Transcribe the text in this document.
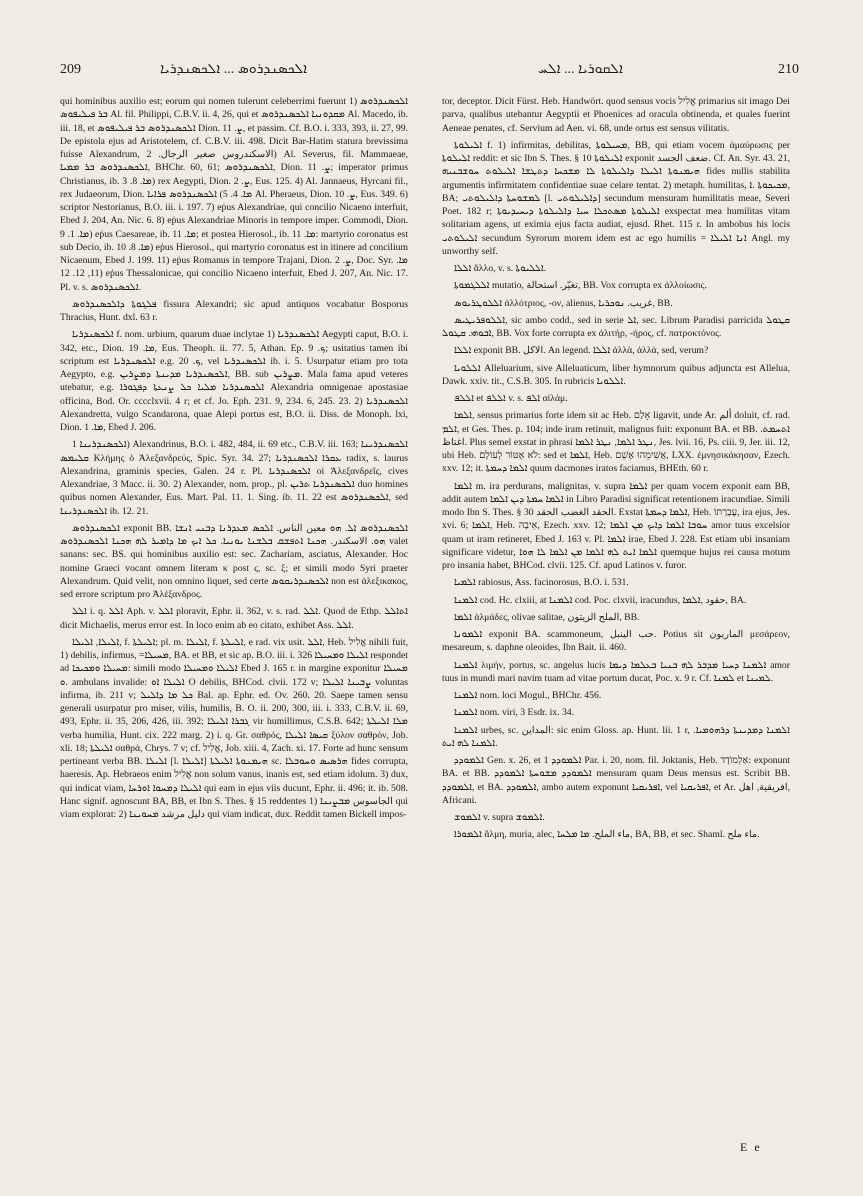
209	ܐܠܟܣܢܕܪܘܣ ... ܐܠܟܣܢܕܪܝܐ	ܐܠܩܘܪܝܐ ... ܐܠܚ	210

qui hominibus auxilio est; eorum qui nomen tulerunt celeberrimi fuerunt 1) ܐܠܟܣܢܕܪܘܣ ܒܪ ܦܝܠܝܦܘܣ Al. fil. Philippi, C.B.V. ii. 4, 26, qui et ܡܩܕܘܢܝܐ ܐܠܟܣܢܕܪܘܣ Al. Macedo, ib. iii. 18, et ܐܠܟܣܢܕܪܘܣ ܒܪ ܦܝܠܝܦܘܣ Dion. ܨ. 11, et passim. Cf. B.O. i. 333, 393, ii. 27, 99. De epistola ejus ad Aristotelem, cf. C.B.V. iii. 498. Dicit Bar-Hatim statura brevissima fuisse Alexandrum, الاسكندروس صغير الرجال. 2) Al. Severus, fil. Mammaeae, ܐܠܟܣܢܕܪܘܣ ܒܪ ܡܡܝܐ, BHChr. 60, 61; ܐܠܟܣܢܕܪܘܣ, Dion. ܨ. 11; imperator primus Christianus, ib. ܡܐ. 8. 3) rex Aegypti, Dion. ܨ. 2, Eus. 125. 4) Al. Jannaeus, Hyrcani fil., rex Judaeorum, Dion. ܡܐ. 4. 5) ܐܠܟܣܢܕܪܘܣ ܦܪܐܝܐ Al. Pheraeus, Dion. ܨ. 10, Eus. 349. 6) scriptor Nestorianus, B.O. iii. i. 197. 7) eṗus Alexandriae, qui concilio Nicaeno interfuit, Ebed J. 204, An. Nic. 6. 8) eṗus Alexandriae Minoris in tempore imper. Commodi, Dion. ܡܐ. 1. 9) eṗus Caesareae, ib. ܡܐ. 11; et postea Hierosol., ib. ܡܐ. 11: martyrio coronatus est sub Decio, ib. ܡܐ. 8. 10) eṗus Hierosol., qui martyrio coronatus est in itinere ad concilium Nicaenum, Ebed J. 199. 11) eṗus Romanus in tempore Trajani, Dion. ܨ. 2, Doc. Syr. ܡܐ. 11, 12. 12) eṗus Thessalonicae, qui concilio Nicaeno interfuit, Ebed J. 207, An. Nic. 17. Pl. v. s. ܐܠܟܣܢܕܪܘܣ.

ܦܠܓܘܬܐ ܕܐܠܟܣܢܕܪܘܣ fissura Alexandri; sic apud antiquos vocabatur Bosporus Thracius, Hunt. dxl. 63 r.

ܐܠܟܣܢܕܪܝܐ f. nom. urbium, quarum duae inclytae 1) ܐܠܟܣܢܕܪܝܐ Aegypti caput, B.O. i. 342, etc., Dion. ܡܐ. 19, Eus. Theoph. ii. 77. 5, Athan. Ep. ܟ. 9; usitatius tamen ibi scriptum est ܐܠܟܣܢܕܪܝܐ e.g. ܟ. 20, vel ܐܠܟܣܢܕܪܝܐ ib. i. 5. Usurpatur etiam pro tota Aegypto, e.g. ܐܠܟܣܢܕܪܝܐ ܡܕܝܢܬܐ ܕܡܨܪܝܢ, BB. sub ܡܨܪܝܢ. Mala fama apud veteres utebatur, e.g. ܐܠܟܣܢܕܪܝܐ ܡܠܝܐ ܟܠ ܨܢܥܬܐ ܕܦܓܘܪܐ Alexandria omnigenae apostasiae officina, Bod. Or. cccclxvii. 4 r; et cf. Jo. Eph. 231. 9, 234. 6, 245. 23. 2) ܐܠܟܣܢܕܪܝܐ Alexandretta, vulgo Scandarona, quae Alepi portus est, B.O. ii. Diss. de Monoph. lxi, Dion. ܡܐ. 1, Ebed J. 206.

ܐܠܟܣܢܕܪܝܢܐ 1) Alexandrinus, B.O. i. 482, 484, ii. 69 etc., C.B.V. iii. 163; ܐܠܟܣܢܕܪܝܢܐ ܩܠܝܡܣ Κλήμης ὁ Ἀλεξανδρεύς, Spic. Syr. 34. 27; ܥܩܪܐ ܐܠܟܣܢܕܪܝܐ radix, s. laurus Alexandrina, graminis species, Galen. 24 r. Pl. ܐܠܟܣܢܕܪܝܐ οἱ Ἀλεξανδρεῖς, cives Alexandriae, 3 Macc. ii. 30. 2) Alexander, nom. prop., pl. ܐܠܟܣܢܕܪܝܐ ܬܪܝܢ duo homines quibus nomen Alexander, Eus. Mart. Pal. 11. 1. Sing. ib. 11. 22 est ܐܠܟܣܢܕܪܘܣ, sed ܐܠܟܣܢܕܪܝܢܐ ib. 12. 21.

ܐܠܟܣܢܕܪܘܣ exponit BB. ܐܠܟܣܢܕܪܘܣ ܐܠ. ܗܘ معين الناس. ܐܠܟܣ ܡܥܕܪܢܐ ܕܒܢܝ ܐܢܫܐ ܗܘ. الاسكندر. ܗܟܢܐ ܐܬܦܫܩ ܒܠܫܢܐ ܝܘܢܝܐ. ܟܠ ܐܝܟ ܡܐ ܕܐܡܝܪ ܠܗ ܗܟܢܐ ܐܠܟܣܢܕܪܘܣ valet sanans: sec. BS. qui hominibus auxilio est: sec. Zachariam, asciatus, Alexander. Hoc nomine Graeci vocant omnem literam κ post ς, sc. ξ; et simili modo Syri praeter Alexandrum. Quid velit, non omnino liquet, sed certe ܐܠܟܣܢܕܪܝܩܘܣ non est ἀλεξικακος, sed errore scriptum pro Ἀλέξανδρος.

ܐܠܠ i. q. ܐܠܠ Aph. v. ܐܠܠ ploravit, Ephr. ii. 362, v. s. rad. ܐܠܠ. Quod de Ethp. ܐܬܐܠܠ dicit Michaelis, merus error est. In loco enim ab eo citato, exhibet Ass. ܐܠܠ.

ܐܠܝܠܐ, ܐܠܝܠܐ, f. ܐܠܝܠܬܐ; pl. m. ܐܠܝܠܐ, f. ܐܠܝܠܬܐ, e rad. vix usit. ܐܠܠ, Heb. אֱלִיל nihili fuit, 1) debilis, infirmus, =ܡܚܝܠܐ, BA. et BB, et sic ap. B.O. iii. i. 326 ܐܠܝܠܐ ܘܡܚܝܠܐ respondet ad ܡܚܝܠܐ ܘܡܟܝܟܐ: simili modo ܐܠܝܠܐ ܘܡܚܝܠܐ Ebed J. 165 r. in margine exponitur ܡܚܝܠܐ .ܘ ambulans invalide: ܐܠܝܠܐ ܐܘ O debilis, BHCod. clvii. 172 v; ܨܒܝܢܐ ܐܠܝܠܐ voluntas infirma, ib. 211 v; ܟܠ ܡܐ ܕܐܠܝܠ Bal. ap. Ephr. ed. Ov. 260. 20. Saepe tamen sensu generali usurpatur pro miser, vilis, humilis, B. O. ii. 200, 300, iii. i. 333, C.B.V. ii. 69, 493, Ephr. ii. 35, 206, 426, iii. 392; ܓܒܪܐ ܐܠܝܠܐ vir humillimus, C.S.B. 642; ܡܠܐ ܐܠܝܠܬܐ verba humilia, Hunt. cix. 222 marg. 2) i. q. Gr. σαθρός, ܩܝܣܐ ܐܠܝܠܐ ξύλον σαθρόν, Job. xli. 18; ܐܠܝܠܬܐ σαθρά, Chrys. 7 v; cf. אֱלִיל, Job. xiii. 4, Zach. xi. 17. Forte ad hunc sensum pertineant verba BB. ܐܠܝܠܐ [l. ܐܠܝܠܐ] ܗܝܡܢܘܬܐ ܐܠܝܠܬܐ sc. ܗܪܣܝܣ ܘܚܘܒܠܐ fides corrupta, haeresis. Ap. Hebraeos enim אֱלִיל non solum vanus, inanis est, sed etiam idolum. 3) dux, qui indicat viam, ܐܠܝܠܐ ܕܡܚܘܐ ܐܘܪܚܐ qui eam in ejus viis ducunt, Ephr. ii. 496; it. ib. 508. Hanc signif. agnoscunt BA, BB, et Ibn S. Thes. § 15 reddentes 1) الجاسوس ܡܒܨܝܢܐ qui viam explorat: 2) دليل مرشد ܡܚܘܝܢܐ qui viam indicat, dux. Reddit tamen Bickell impos-

tor, deceptor. Dicit Fürst. Heb. Handwört. quod sensus vocis אֱלִיל primarius sit imago Dei parva, qualibus utebantur Aegyptii et Phoenices ad oracula obtinenda, et quales fuerint Aeneae penates, cf. Servium ad Aen. vi. 68, unde ortus est sensus vilitatis.

ܐܠܝܠܘܬܐ f. 1) infirmitas, debilitas, ܡܚܝܠܘܬܐ, BB, qui etiam vocem ἀμαύρωσις per ܐܠܝܠܘܬܐ reddit: et sic Ibn S. Thes. § 10 ܐܠܝܠܘܬܐ exponit ضعف الجسد. Cf. An. Syr. 43. 21, ܗܝܡܢܘܬܐ ܐܠܝܠܐ ܕܐܠܝܠܘܬܐ ܠܐ ܡܫܟܚܐ ܕܬܛܫܐ ܐܠܝܠܘܬ ܚܘܫܒܢܝܗ fides nullis stabilita argumentis infirmitatem confidentiae suae celare tentat. 2) metaph. humilitas, ܡܟܝܟܘܬܐ .ܐ, BA; ܠܡܫܘܚܬܐ ܕܐܠܝܠܘܬܝ [l. ܕܐܠܝܠܘܬܝ] secundum mensuram humilitatis meae, Severi Poet. 182 r; ܐܠܝܠܘܬܐ ܡܣܬܟܠܐ ܚܝܐ ܕܐܠܝܠܘܬܐ ܕܝܚܝܕܝܘܬܐ exspectat mea humilitas vitam solitariam agens, ut eximia ejus facta audiat, ejusd. Rhet. 115 r. In ambobus his locis ܐܠܝܠܘܬܝ secundum Syrorum morem idem est ac ego humilis = ܐܢܐ ܐܠܝܠܐ Angl. my unworthy self.

ܐܠܠܐ ἄλλο, v. s. ܐܠܠܝܘܬܐ.

ܐܠܠܓܡܘܬܐ mutatio, تغيّر. استحالة, BB. Vox corrupta ex ἀλλοίωσις.

ܐܠܠܘܛܪܝܘܣ ἀλλότριος, -ον, alienus, غريب. ܢܘܟܪܝܐ, BB.

ܐܠܠܘܦܪܝܛܝܣ, sic ambo codd., sed in serie ܐܠ, sec. Librum Paradisi parricida ܩܛܘܠ ܐܒܘܗܝ. ܩܛܘܠ, BB. Vox forte corrupta ex ἀλιτήρ, -ήρος, cf. πατροκτόνος.

ܐܠܠܐ exponit BB. الاكل. An legend. ܐܠܠܐ ἀλλὰ, ἀλλά, sed, verum?

ܐܠܠܘܝܐ Alleluarium, sive Alleluaticum, liber hymnorum quibus adjuncta est Allelua, Dawk. xxiv. tit., C.S.B. 305. In rubricis ܐܠܠܘܝܐ.

ܐܠܠܦ et ܐܠܠܦ v. s. ܐܠܦ αἰλάμ.

ܐܠܡܐ, sensus primarius forte idem sit ac Heb. אָלַם ligavit, unde Ar. ألم doluit, cf. rad. ܐܠܡ, et Ges. Thes. p. 104; inde iram retinuit, malignus fuit: exponunt BA. et BB. ܐܬܚܡܬ. اغتاظ. Plus semel exstat in phrasi ܢܛܪ ܐܠܡܐ, ܢܛܪ ܐܠܡܐ, Jes. lvii. 16, Ps. ciii. 9, Jer. iii. 12, ubi Heb. לֹא אֶטּוֹר לְעוֹלָם: sed et ܐܠܡܐ, Heb. אֲשִׁימֵהוּ אָשֵׁם, LXX. ἐμνησικάκησαν, Ezech. xxv. 12; it. ܐܠܡܐ ܕܚܡܬܐ quum dacmones iratos faciamus, BHEth. 60 r.

ܐܠܡܐ m. ira perdurans, malignitas, v. supra ܐܠܡܐ per quam vocem exponit eam BB, addit autem ܐܠܡܐ ܚܡܬܐ ܕܝܢ ܐܠܡܐ in Libro Paradisi significat retentionem iracundiae. Simili modo Ibn S. Thes. § 30 الحقد الغضب الحقد. Exstat ܐܠܡܐ ܕܚܡܬܐ, Heb. עֶבְרָתוֹ, ira ejus, Jes. xvi. 6; ܐܠܡܐ, Heb. אֵיבָה, Ezech. xxv. 12; ܚܘܒܐ ܐܠܡܐ ܕܐܝܟ ܡܢ ܐܠܡܐ amor tuus excelsior quam ut iram retineret, Ebed J. 163 v. Pl. ܐܠܡܐ irae, Ebed J. 228. Est etiam ubi insaniam significare videtur, ܐܠܡܐ ܐܝܬ ܠܗ ܐܠܡܐ ܡܢ ܐܠܡܐ ܠܐ ܗܘܐ quemque hujus rei causa motum pro insania habet, BHCod. clvii. 125. Cf. apud Latinos v. furor.

ܐܠܡܝܐ rabiosus, Ass. facinorosus, B.O. i. 531.

ܐܠܡܢܐ cod. Hc. clxiii, at ܐܠܡܢܐ cod. Poc. clxvii, iracundus, حقود ,ܐܠܡܐ, BA.

ܐܠܡܐ ἁλμάδες, olivae salitae, الملح الزيتون, BB.

ܐܠܡܘܢܐ exponit BA. scammoneum, حب الينبل. Potius sit الماريون μεσάρεον, mesareum, s. daphne oleoides, Ibn Bait. ii. 460.

ܐܠܡܢܐ λιμήν, portus, sc. angelus lucis ܐܠܡܢܐ ܕܚܝܐ ܡܕܒܪ ܠܗ ܒܢܝܐ ܒܥܠܡܐ ܕܝܡܐ amor tuus in mundi mari navim tuam ad vitae portum ducat, Poc. x. 9 r. Cf. ܠܡܢܐ et ܠܡܝܢܐ.

ܐܠܡܢܐ nom. loci Mogul., BHChr. 456.

ܐܠܡܢܐ nom. viri, 3 Esdr. ix. 34.

ܐܠܡܢܐ urbes, sc. المداين: sic enim Gloss. ap. Hunt. lii. 1 r, ܐܠܡܢܐ ܕܡܕܝܢܬܐ ܕܪܗܘܡܝܐ. ܐܠܡܢܐ ܠܗ ܐܝܬ.

ܐܠܡܘܕܕ Gen. x. 26, et ܐܠܡܘܕܕ 1 Par. i. 20, nom. fil. Joktanis, Heb. אַלְמוֹדָד: exponunt BA. et BB. ܐܠܡܘܕܕ ܡܫܘܚܬܐ ܐܠܡܘܕܕ mensuram quam Deus mensus est. Scribit BB. ܐܠܡܘܕܕ, et BA. ܐܠܡܘܕܕ, ambo autem exponunt ܐܦܪܝܩܝܐ, vel ܐܦܪܝܩܝܐ, et Ar. افريقية, اهل, Africani.

ܐܠܡܘܫ v. supra ܐܠܡܘܫ.

ܐܠܡܘܪܐ ἅλμη, muria, alec, ماء الملح. ܡܐ ܡܠܚܐ, BA, BB, et sec. Shaml. ماء ملح.

E e
